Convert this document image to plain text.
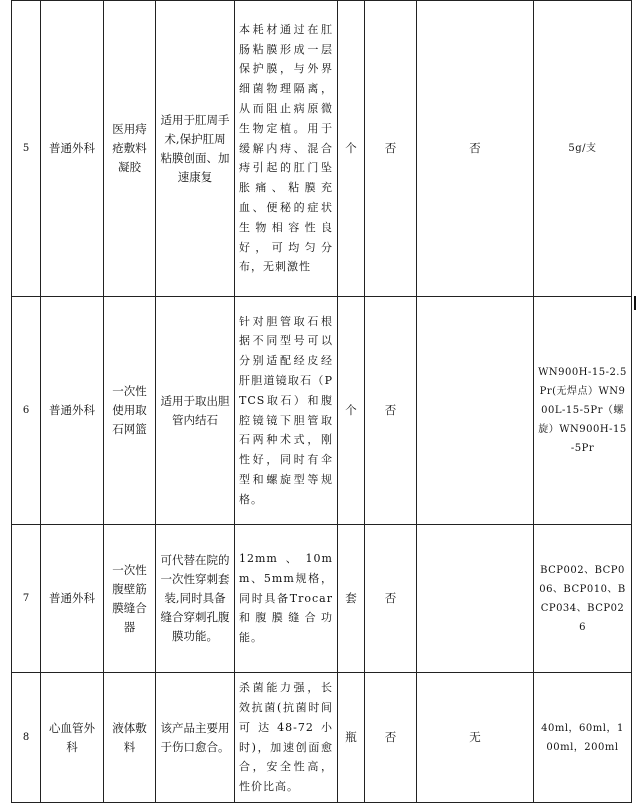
5	普通外科	医用痔疮敷料凝胶	适用于肛周手术,保护肛周粘膜创面、加速康复	本耗材通过在肛肠粘膜形成一层保护膜，与外界细菌物理隔离，从而阻止病原微生物定植。用于缓解内痔、混合痔引起的肛门坠胀痛、粘膜充血、便秘的症状 生物相容性良好，可均匀分布，无刺激性	个	否	否	5g/支
6	普通外科	一次性使用取石网篮	适用于取出胆管内结石	针对胆管取石根据不同型号可以分别适配经皮经肝胆道镜取石（PTCS取石）和腹腔镜镜下胆管取石两种术式，刚性好，同时有伞型和螺旋型等规格。	个	否		WN900H-15-2.5Pr(无焊点）WN900L-15-5Pr（螺旋）WN900H-15-5Pr
7	普通外科	一次性腹壁筋膜缝合器	可代替在院的一次性穿刺套装,同时具备缝合穿刺孔腹膜功能。	12mm、10mm、5mm规格，同时具备Trocar和腹膜缝合功能。	套	否		BCP002、BCP006、BCP010、BCP034、BCP026
8	心血管外科	液体敷料	该产品主要用于伤口愈合。	杀菌能力强，长效抗菌(抗菌时间可达48-72小时)，加速创面愈合，安全性高，性价比高。	瓶	否	无	40ml，60ml，100ml，200ml
